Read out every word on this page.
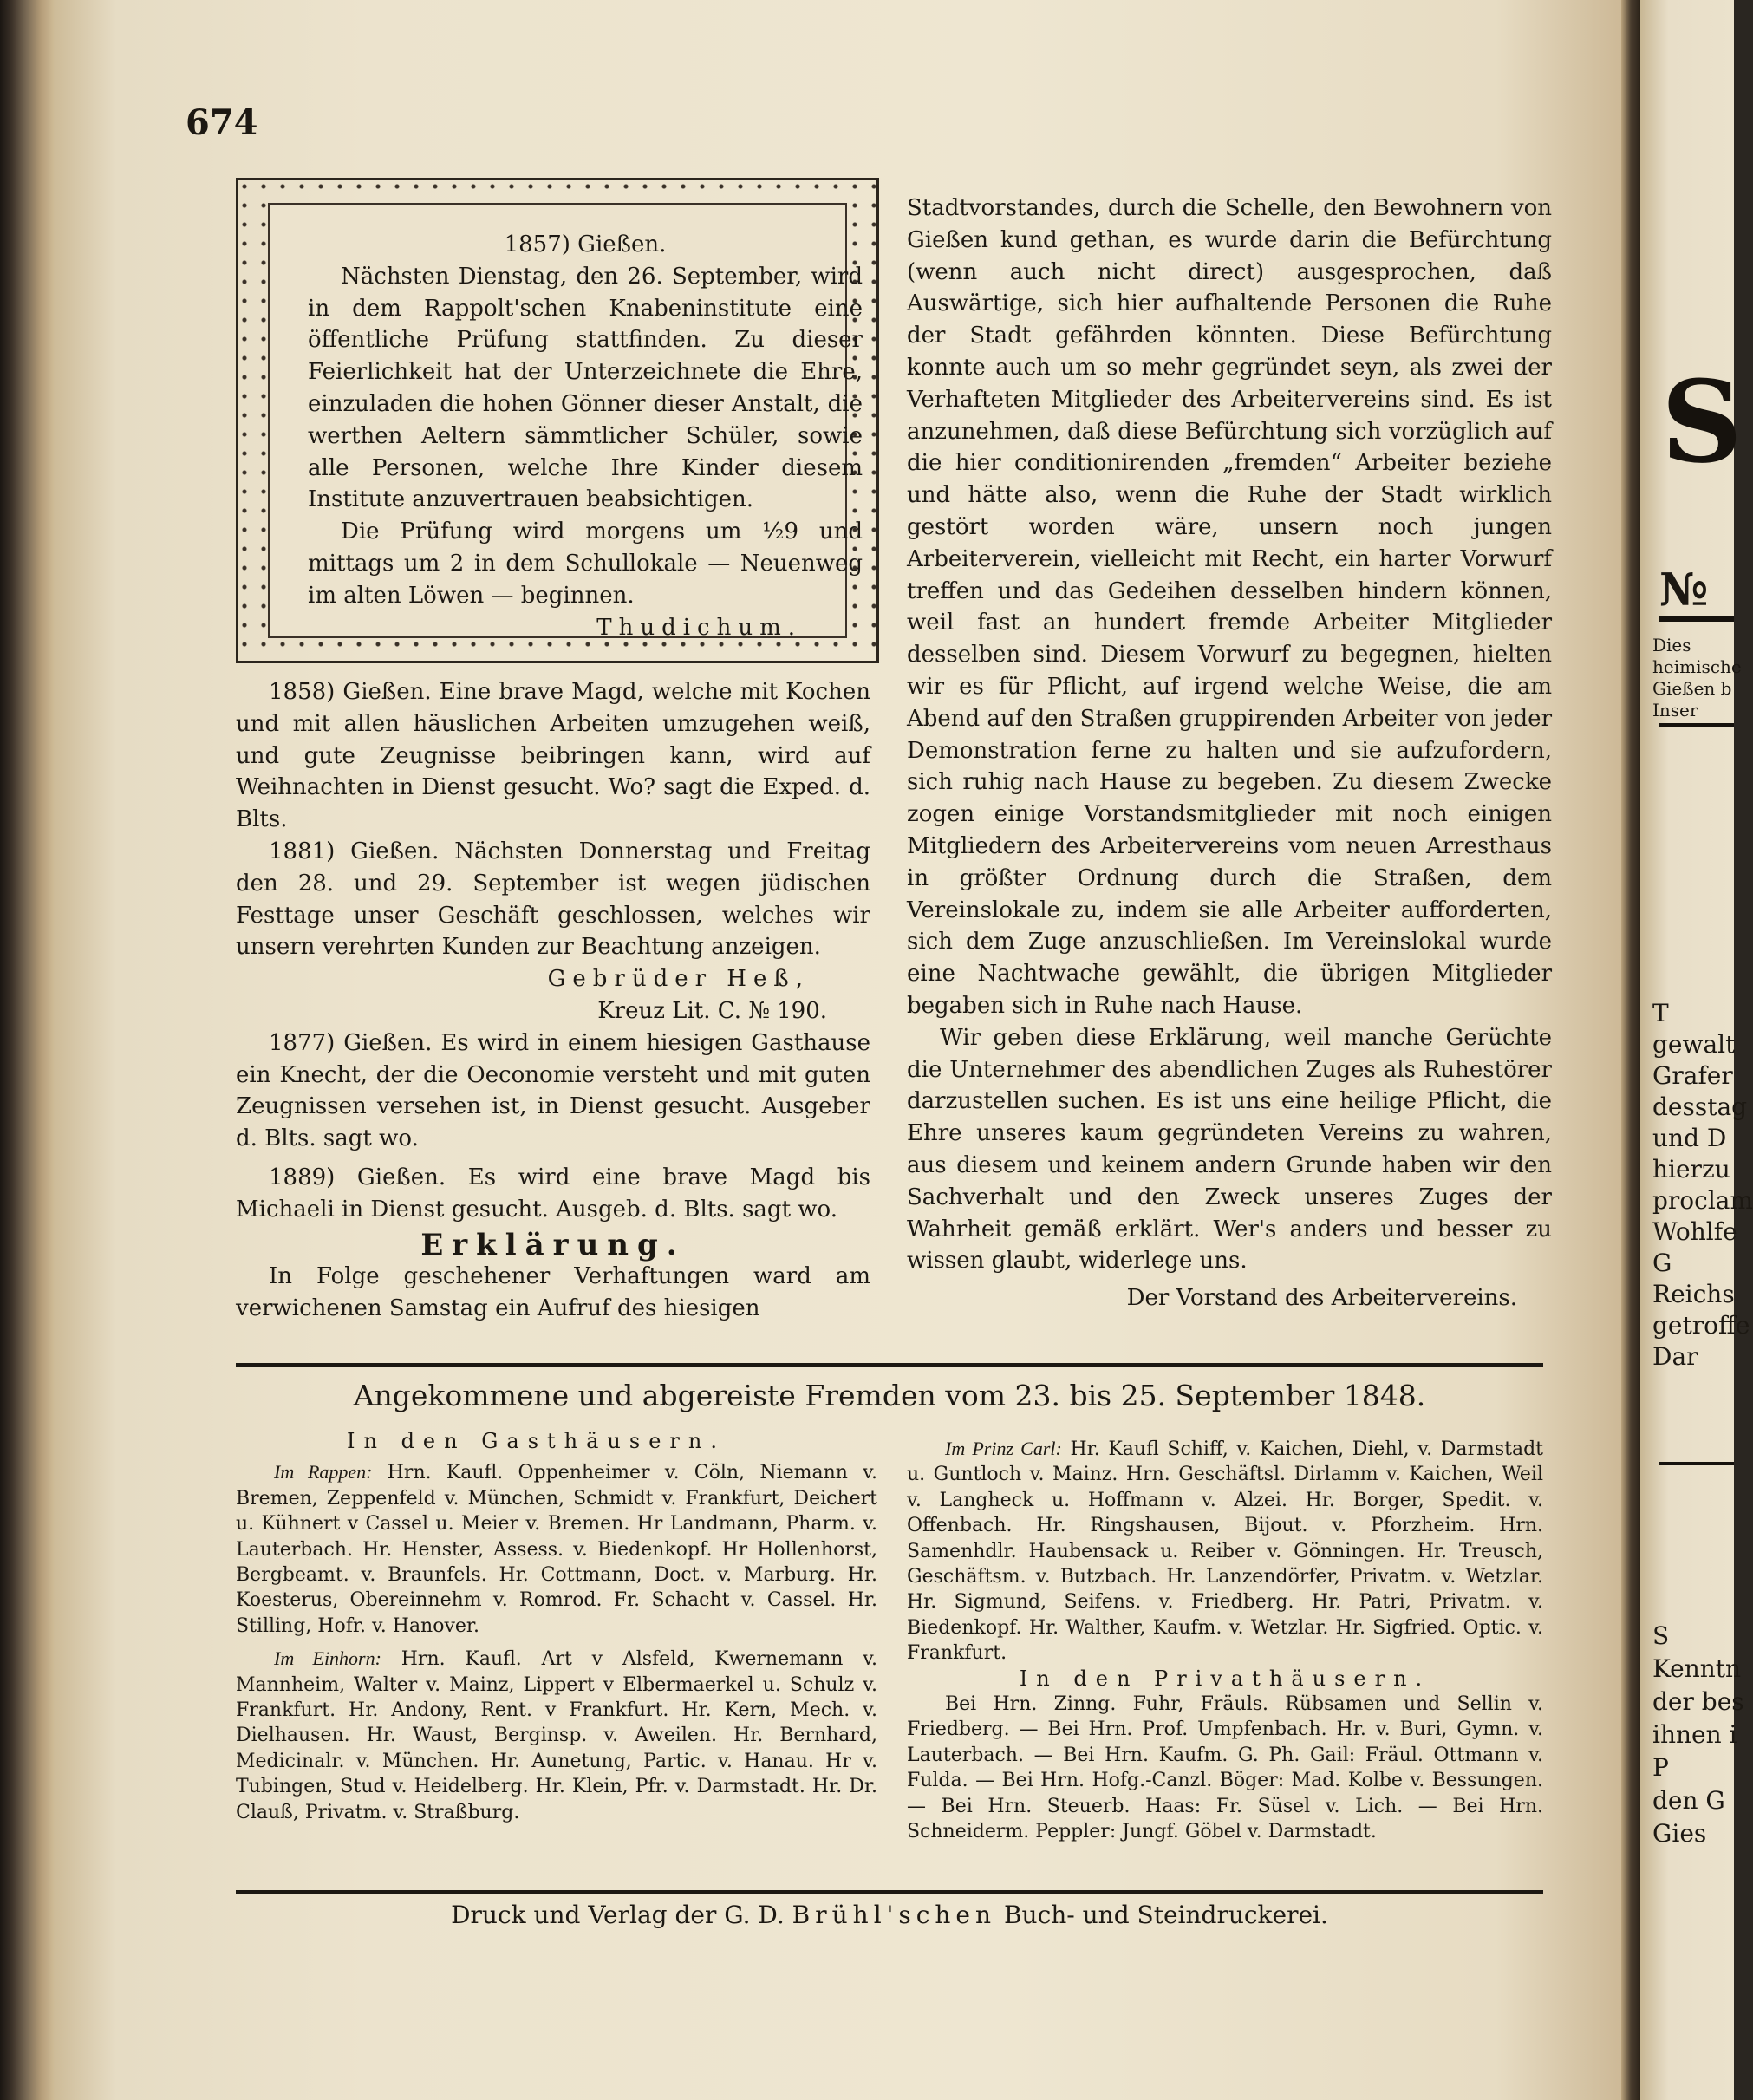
674

1857) Gießen.

Nächsten Dienstag, den 26. September, wird in dem Rappolt'schen Knabeninstitute eine öffentliche Prüfung stattfinden. Zu dieser Feierlichkeit hat der Unterzeichnete die Ehre, einzuladen die hohen Gönner dieser Anstalt, die werthen Aeltern sämmtlicher Schüler, sowie alle Personen, welche Ihre Kinder diesem Institute anzuvertrauen beabsichtigen.

Die Prüfung wird morgens um ½9 und mittags um 2 in dem Schullokale — Neuenweg im alten Löwen — beginnen.

Thudichum.

1858) Gießen. Eine brave Magd, welche mit Kochen und mit allen häuslichen Arbeiten umzugehen weiß, und gute Zeugnisse beibringen kann, wird auf Weihnachten in Dienst gesucht. Wo? sagt die Exped. d. Blts.

1881) Gießen. Nächsten Donnerstag und Freitag den 28. und 29. September ist wegen jüdischen Festtage unser Geschäft geschlossen, welches wir unsern verehrten Kunden zur Beachtung anzeigen.

Gebrüder Heß,

Kreuz Lit. C. № 190.

1877) Gießen. Es wird in einem hiesigen Gasthause ein Knecht, der die Oeconomie versteht und mit guten Zeugnissen versehen ist, in Dienst gesucht. Ausgeber d. Blts. sagt wo.

1889) Gießen. Es wird eine brave Magd bis Michaeli in Dienst gesucht. Ausgeb. d. Blts. sagt wo.

Erklärung.

In Folge geschehener Verhaftungen ward am verwichenen Samstag ein Aufruf des hiesigen

Stadtvorstandes, durch die Schelle, den Bewohnern von Gießen kund gethan, es wurde darin die Befürchtung (wenn auch nicht direct) ausgesprochen, daß Auswärtige, sich hier aufhaltende Personen die Ruhe der Stadt gefährden könnten. Diese Befürchtung konnte auch um so mehr gegründet seyn, als zwei der Verhafteten Mitglieder des Arbeitervereins sind. Es ist anzunehmen, daß diese Befürchtung sich vorzüglich auf die hier conditionirenden „fremden“ Arbeiter beziehe und hätte also, wenn die Ruhe der Stadt wirklich gestört worden wäre, unsern noch jungen Arbeiterverein, vielleicht mit Recht, ein harter Vorwurf treffen und das Gedeihen desselben hindern können, weil fast an hundert fremde Arbeiter Mitglieder desselben sind. Diesem Vorwurf zu begegnen, hielten wir es für Pflicht, auf irgend welche Weise, die am Abend auf den Straßen gruppirenden Arbeiter von jeder Demonstration ferne zu halten und sie aufzufordern, sich ruhig nach Hause zu begeben. Zu diesem Zwecke zogen einige Vorstandsmitglieder mit noch einigen Mitgliedern des Arbeitervereins vom neuen Arresthaus in größter Ordnung durch die Straßen, dem Vereinslokale zu, indem sie alle Arbeiter aufforderten, sich dem Zuge anzuschließen. Im Vereinslokal wurde eine Nachtwache gewählt, die übrigen Mitglieder begaben sich in Ruhe nach Hause.

Wir geben diese Erklärung, weil manche Gerüchte die Unternehmer des abendlichen Zuges als Ruhestörer darzustellen suchen. Es ist uns eine heilige Pflicht, die Ehre unseres kaum gegründeten Vereins zu wahren, aus diesem und keinem andern Grunde haben wir den Sachverhalt und den Zweck unseres Zuges der Wahrheit gemäß erklärt. Wer's anders und besser zu wissen glaubt, widerlege uns.

Der Vorstand des Arbeitervereins.

Angekommene und abgereiste Fremden vom 23. bis 25. September 1848.

In den Gasthäusern.

Im Rappen: Hrn. Kaufl. Oppenheimer v. Cöln, Niemann v. Bremen, Zeppenfeld v. München, Schmidt v. Frankfurt, Deichert u. Kühnert v Cassel u. Meier v. Bremen. Hr Landmann, Pharm. v. Lauterbach. Hr. Henster, Assess. v. Biedenkopf. Hr Hollenhorst, Bergbeamt. v. Braunfels. Hr. Cottmann, Doct. v. Marburg. Hr. Koesterus, Obereinnehm v. Romrod. Fr. Schacht v. Cassel. Hr. Stilling, Hofr. v. Hanover.

Im Einhorn: Hrn. Kaufl. Art v Alsfeld, Kwernemann v. Mannheim, Walter v. Mainz, Lippert v Elbermaerkel u. Schulz v. Frankfurt. Hr. Andony, Rent. v Frankfurt. Hr. Kern, Mech. v. Dielhausen. Hr. Waust, Berginsp. v. Aweilen. Hr. Bernhard, Medicinalr. v. München. Hr. Aunetung, Partic. v. Hanau. Hr v. Tubingen, Stud v. Heidelberg. Hr. Klein, Pfr. v. Darmstadt. Hr. Dr. Clauß, Privatm. v. Straßburg.

Im Prinz Carl: Hr. Kaufl Schiff, v. Kaichen, Diehl, v. Darmstadt u. Guntloch v. Mainz. Hrn. Geschäftsl. Dirlamm v. Kaichen, Weil v. Langheck u. Hoffmann v. Alzei. Hr. Borger, Spedit. v. Offenbach. Hr. Ringshausen, Bijout. v. Pforzheim. Hrn. Samenhdlr. Haubensack u. Reiber v. Gönningen. Hr. Treusch, Geschäftsm. v. Butzbach. Hr. Lanzendörfer, Privatm. v. Wetzlar. Hr. Sigmund, Seifens. v. Friedberg. Hr. Patri, Privatm. v. Biedenkopf. Hr. Walther, Kaufm. v. Wetzlar. Hr. Sigfried. Optic. v. Frankfurt.

In den Privathäusern.

Bei Hrn. Zinng. Fuhr, Fräuls. Rübsamen und Sellin v. Friedberg. — Bei Hrn. Prof. Umpfenbach. Hr. v. Buri, Gymn. v. Lauterbach. — Bei Hrn. Kaufm. G. Ph. Gail: Fräul. Ottmann v. Fulda. — Bei Hrn. Hofg.-Canzl. Böger: Mad. Kolbe v. Bessungen. — Bei Hrn. Steuerb. Haas: Fr. Süsel v. Lich. — Bei Hrn. Schneiderm. Peppler: Jungf. Göbel v. Darmstadt.

Druck und Verlag der G. D. Brühl'schen Buch- und Steindruckerei.
S
№
Dies
heimische
Gießen b
Inser
T
gewalt
Grafer
desstag
und D
hierzu
proclam
Wohlfe
G
Reichs
getroffe
Dar
S
Kenntn
der bes
ihnen i
P
den G
Gies
